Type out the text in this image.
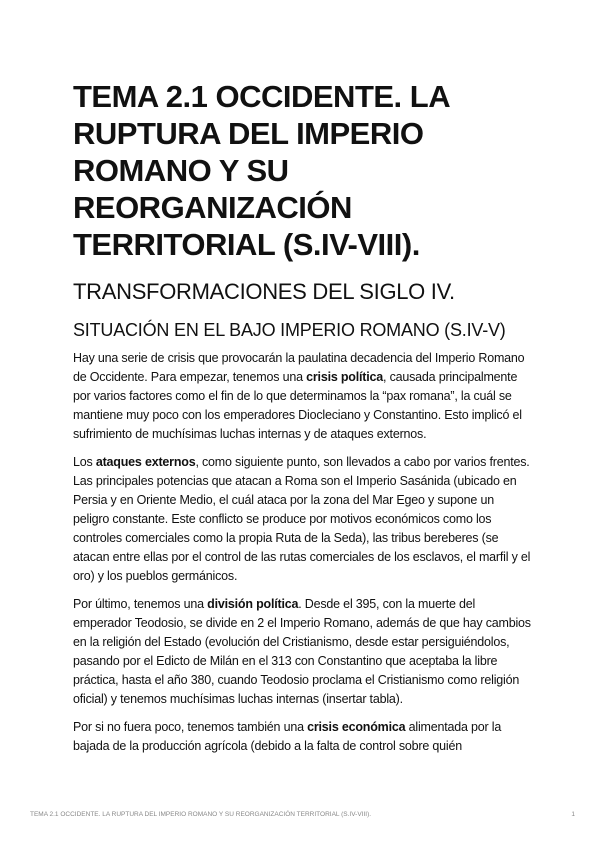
TEMA 2.1 OCCIDENTE. LA RUPTURA DEL IMPERIO ROMANO Y SU REORGANIZACIÓN TERRITORIAL (S.IV-VIII).
TRANSFORMACIONES DEL SIGLO IV.
SITUACIÓN EN EL BAJO IMPERIO ROMANO (S.IV-V)

Hay una serie de crisis que provocarán la paulatina decadencia del Imperio Romano de Occidente. Para empezar, tenemos una crisis política, causada principalmente por varios factores como el fin de lo que determinamos la “pax romana”, la cuál se mantiene muy poco con los emperadores Diocleciano y Constantino. Esto implicó el sufrimiento de muchísimas luchas internas y de ataques externos.

Los ataques externos, como siguiente punto, son llevados a cabo por varios frentes. Las principales potencias que atacan a Roma son el Imperio Sasánida (ubicado en Persia y en Oriente Medio, el cuál ataca por la zona del Mar Egeo y supone un peligro constante. Este conflicto se produce por motivos económicos como los controles comerciales como la propia Ruta de la Seda), las tribus bereberes (se atacan entre ellas por el control de las rutas comerciales de los esclavos, el marfil y el oro) y los pueblos germánicos.

Por último, tenemos una división política. Desde el 395, con la muerte del emperador Teodosio, se divide en 2 el Imperio Romano, además de que hay cambios en la religión del Estado (evolución del Cristianismo, desde estar persiguiéndolos, pasando por el Edicto de Milán en el 313 con Constantino que aceptaba la libre práctica, hasta el año 380, cuando Teodosio proclama el Cristianismo como religión oficial) y tenemos muchísimas luchas internas (insertar tabla).

Por si no fuera poco, tenemos también una crisis económica alimentada por la bajada de la producción agrícola (debido a la falta de control sobre quién

TEMA 2.1 OCCIDENTE. LA RUPTURA DEL IMPERIO ROMANO Y SU REORGANIZACIÓN TERRITORIAL (S.IV-VIII).	1
